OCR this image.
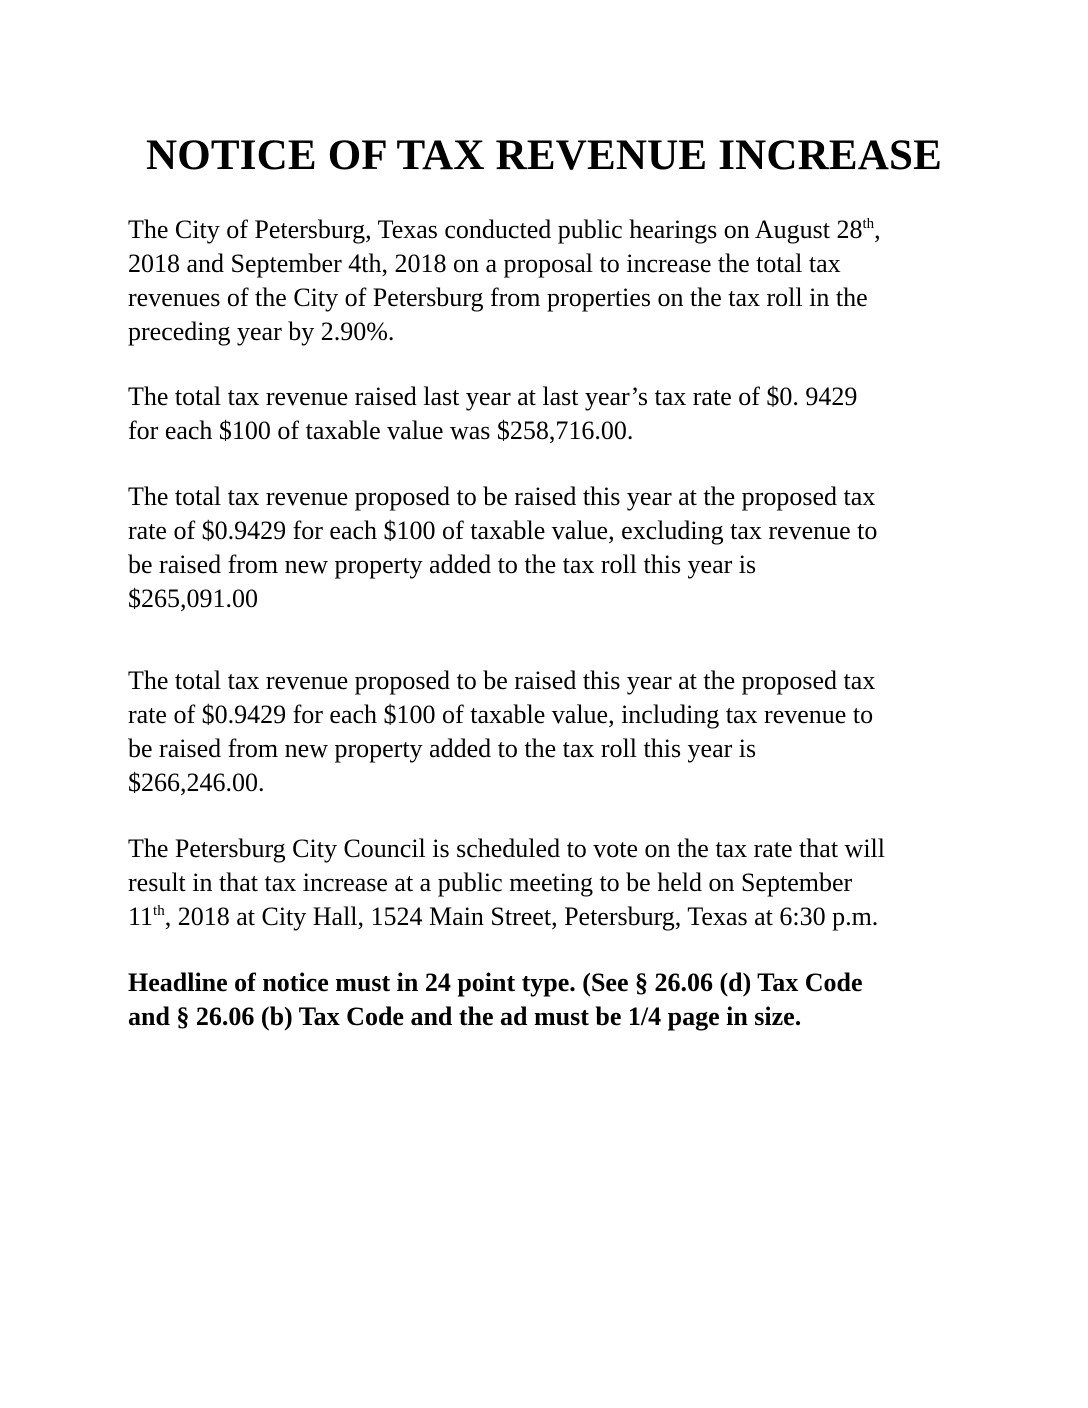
NOTICE OF TAX REVENUE INCREASE

The City of Petersburg, Texas conducted public hearings on August 28th,
2018 and September 4th, 2018 on a proposal to increase the total tax
revenues of the City of Petersburg from properties on the tax roll in the
preceding year by 2.90%.

The total tax revenue raised last year at last year’s tax rate of $0. 9429
for each $100 of taxable value was $258,716.00.

The total tax revenue proposed to be raised this year at the proposed tax
rate of $0.9429 for each $100 of taxable value, excluding tax revenue to
be raised from new property added to the tax roll this year is
$265,091.00

The total tax revenue proposed to be raised this year at the proposed tax
rate of $0.9429 for each $100 of taxable value, including tax revenue to
be raised from new property added to the tax roll this year is
$266,246.00.

The Petersburg City Council is scheduled to vote on the tax rate that will
result in that tax increase at a public meeting to be held on September
11th, 2018 at City Hall, 1524 Main Street, Petersburg, Texas at 6:30 p.m.

Headline of notice must in 24 point type. (See § 26.06 (d) Tax Code
and § 26.06 (b) Tax Code and the ad must be 1/4 page in size.
